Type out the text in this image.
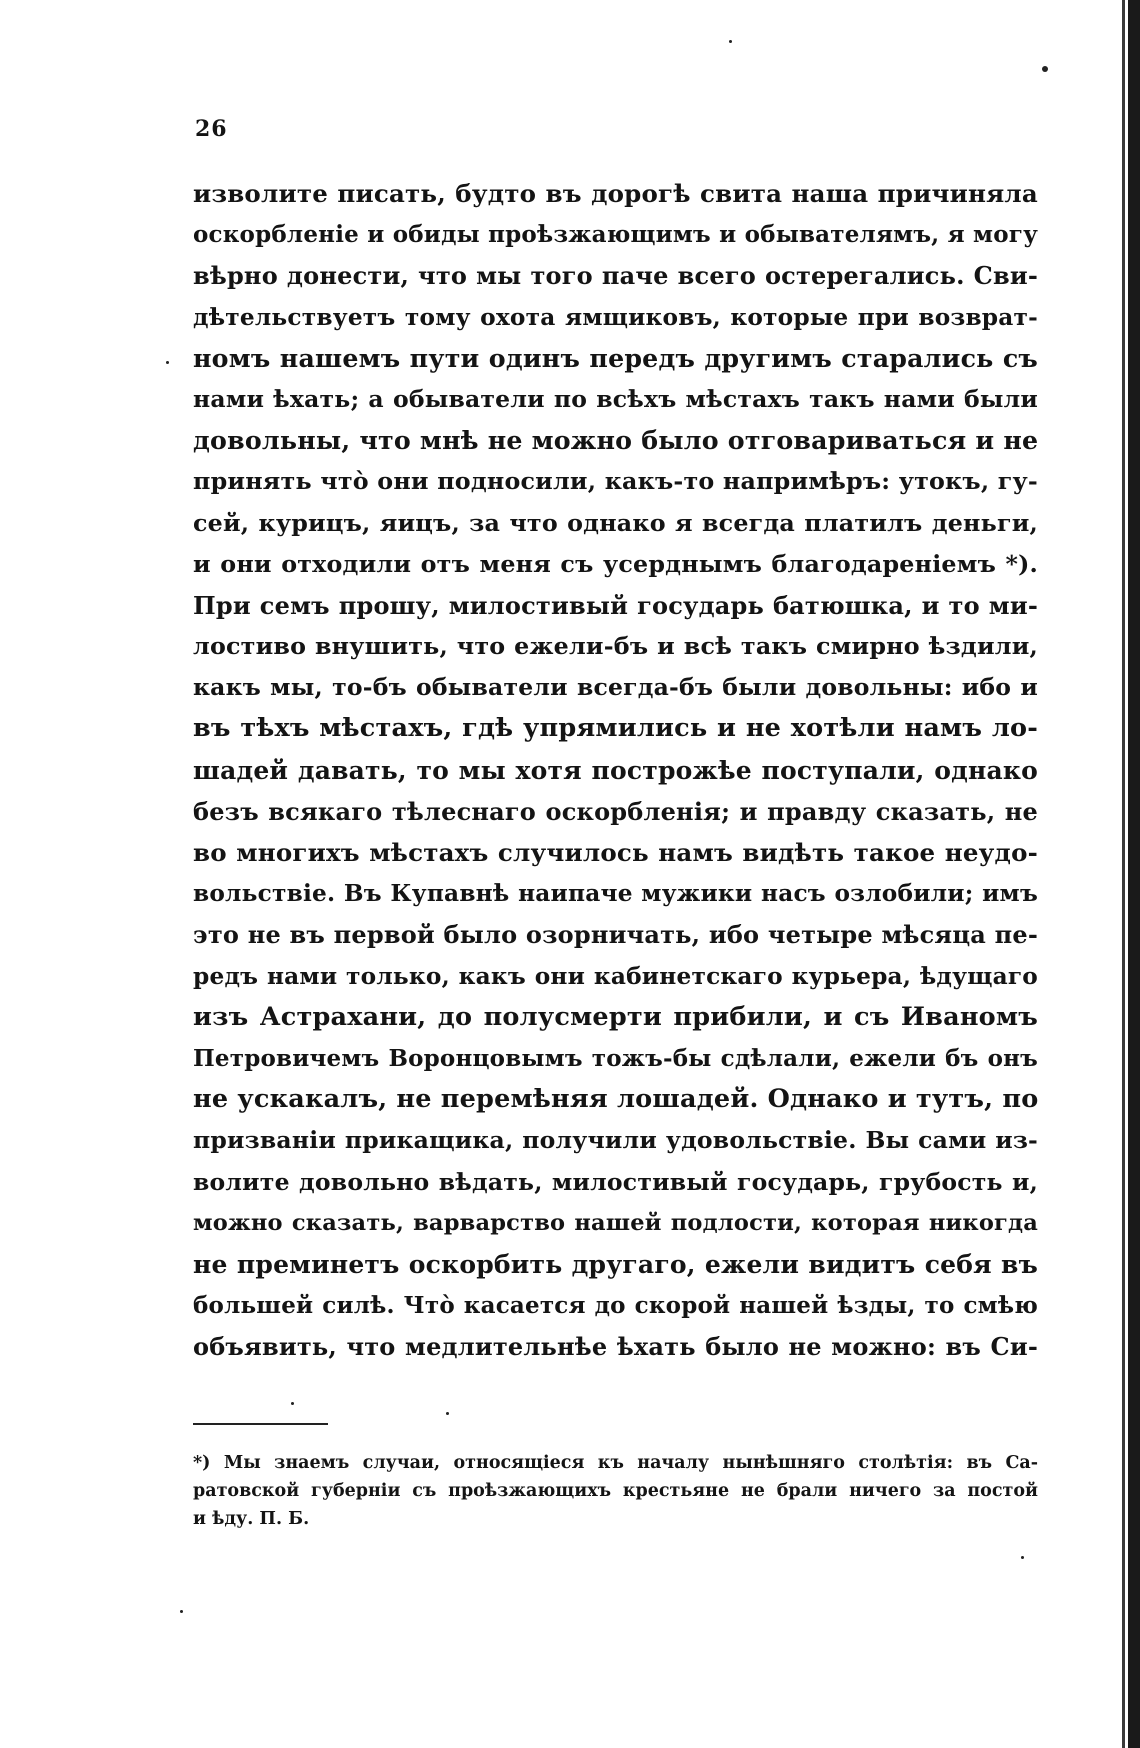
26
изволите писать, будто въ дорогѣ свита наша причиняла
оскорбленіе и обиды проѣзжающимъ и обывателямъ, я могу
вѣрно донести, что мы того паче всего остерегались. Сви-
дѣтельствуетъ тому охота ямщиковъ, которые при возврат-
номъ нашемъ пути одинъ передъ другимъ старались съ
нами ѣхать; а обыватели по всѣхъ мѣстахъ такъ нами были
довольны, что мнѣ не можно было отговариваться и не
принять что̀ они подносили, какъ-то напримѣръ: утокъ, гу-
сей, курицъ, яицъ, за что однако я всегда платилъ деньги,
и они отходили отъ меня съ усерднымъ благодареніемъ *).
При семъ прошу, милостивый государь батюшка, и то ми-
лостиво внушить, что ежели-бъ и всѣ такъ смирно ѣздили,
какъ мы, то-бъ обыватели всегда-бъ были довольны: ибо и
въ тѣхъ мѣстахъ, гдѣ упрямились и не хотѣли намъ ло-
шадей давать, то мы хотя построжѣе поступали, однако
безъ всякаго тѣлеснаго оскорбленія; и правду сказать, не
во многихъ мѣстахъ случилось намъ видѣть такое неудо-
вольствіе. Въ Купавнѣ наипаче мужики насъ озлобили; имъ
это не въ первой было озорничать, ибо четыре мѣсяца пе-
редъ нами только, какъ они кабинетскаго курьера, ѣдущаго
изъ Астрахани, до полусмерти прибили, и съ Иваномъ
Петровичемъ Воронцовымъ тожъ-бы сдѣлали, ежели бъ онъ
не ускакалъ, не перемѣняя лошадей. Однако и тутъ, по
призваніи прикащика, получили удовольствіе. Вы сами из-
волите довольно вѣдать, милостивый государь, грубость и,
можно сказать, варварство нашей подлости, которая никогда
не преминетъ оскорбить другаго, ежели видитъ себя въ
большей силѣ. Что̀ касается до скорой нашей ѣзды, то смѣю
объявить, что медлительнѣе ѣхать было не можно: въ Си-
*) Мы знаемъ случаи, относящіеся къ началу нынѣшняго столѣтія: въ Са-
ратовской губерніи съ проѣзжающихъ крестьяне не брали ничего за постой
и ѣду. П. Б.
